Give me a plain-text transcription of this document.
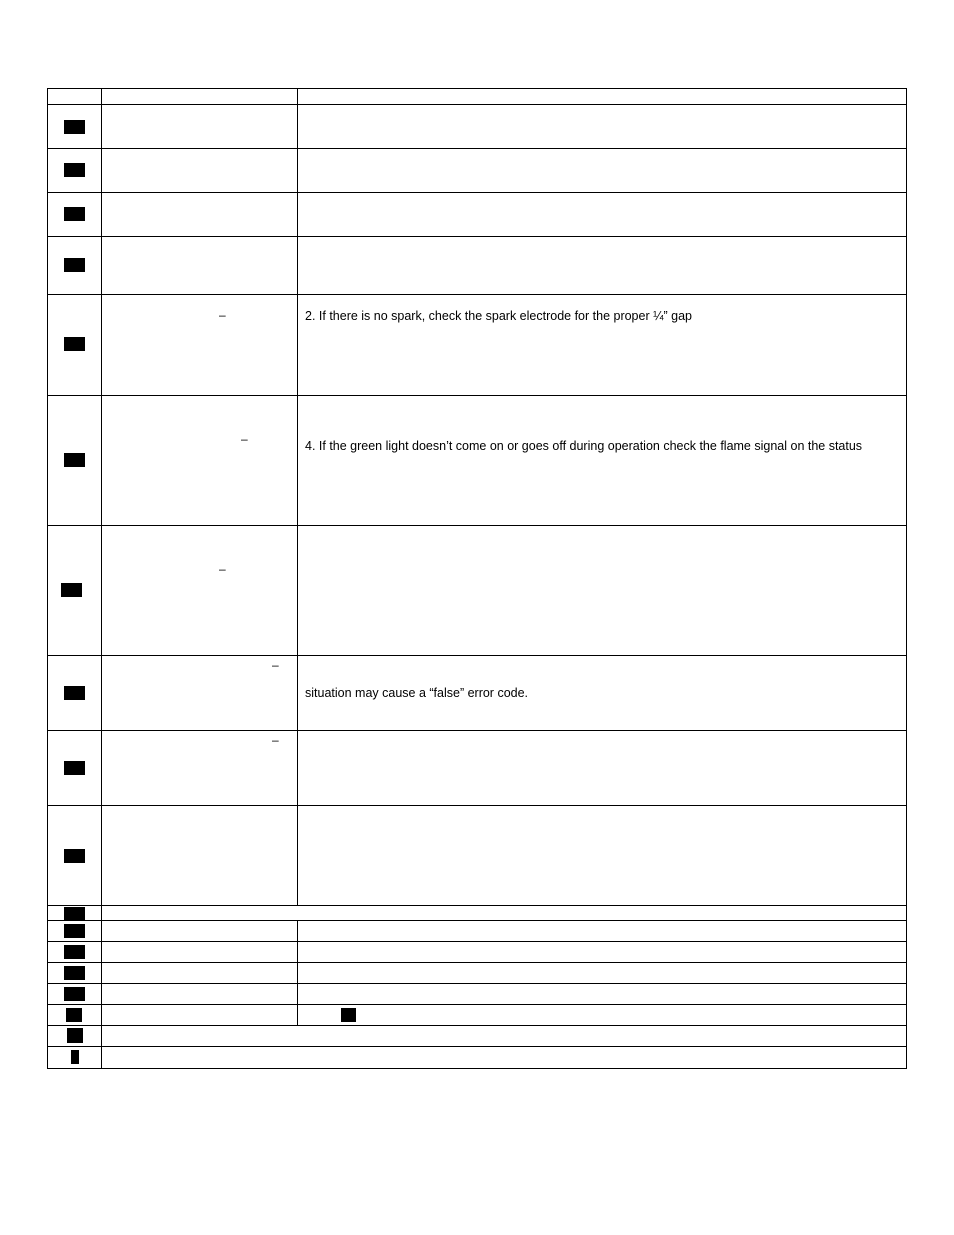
–	2. If there is no spark, check the spark electrode for the proper ¼” gap
–	4. If the green light doesn’t come on or goes off during operation check the flame signal on the status
–
–
situation may cause a “false” error code.
–
